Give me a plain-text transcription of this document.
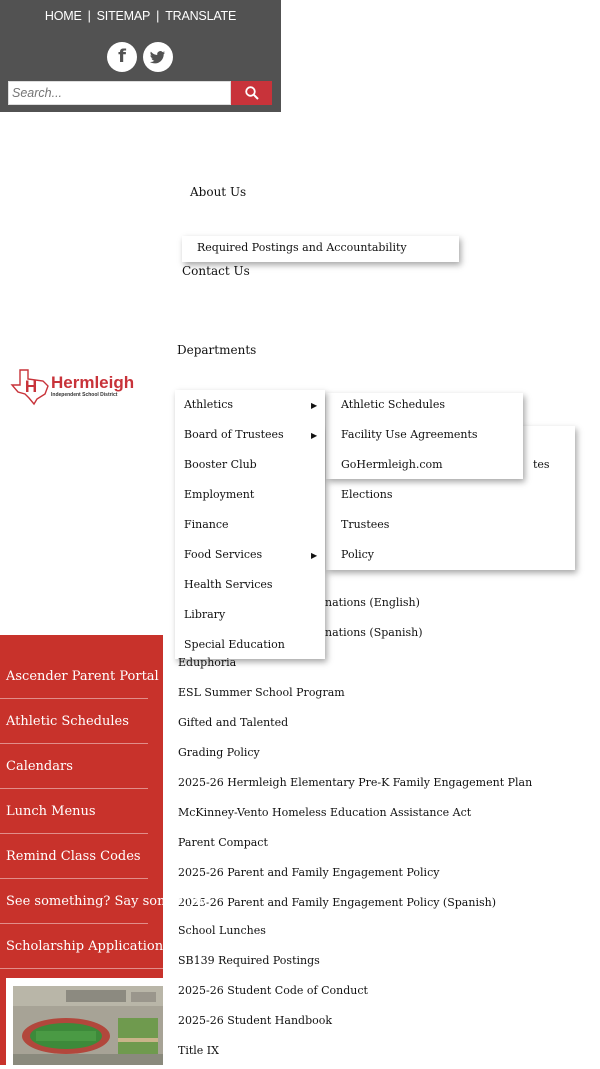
HOME | SITEMAP | TRANSLATE
f
Search...
About Us
Required Postings and Accountability
Contact Us
Departments
H Hermleigh
Independent School District
tes
Elections
Trustees
Policy
Athletic Schedules
Facility Use Agreements
GoHermleigh.com
Athletics	▶
Board of Trustees	▶
Booster Club
Employment
Finance
Food Services	▶
Health Services
Library
Special Education
nations (English)
nations (Spanish)
Eduphoria
ESL Summer School Program
Gifted and Talented
Grading Policy
2025-26 Hermleigh Elementary Pre-K Family Engagement Plan
McKinney-Vento Homeless Education Assistance Act
Parent Compact
2025-26 Parent and Family Engagement Policy
2025-26 Parent and Family Engagement Policy (Spanish)
School Lunches
SB139 Required Postings
2025-26 Student Code of Conduct
2025-26 Student Handbook
Title IX
Ascender Parent Portal
Athletic Schedules
Calendars
Lunch Menus
Remind Class Codes
See something? Say something
Scholarship Applications
